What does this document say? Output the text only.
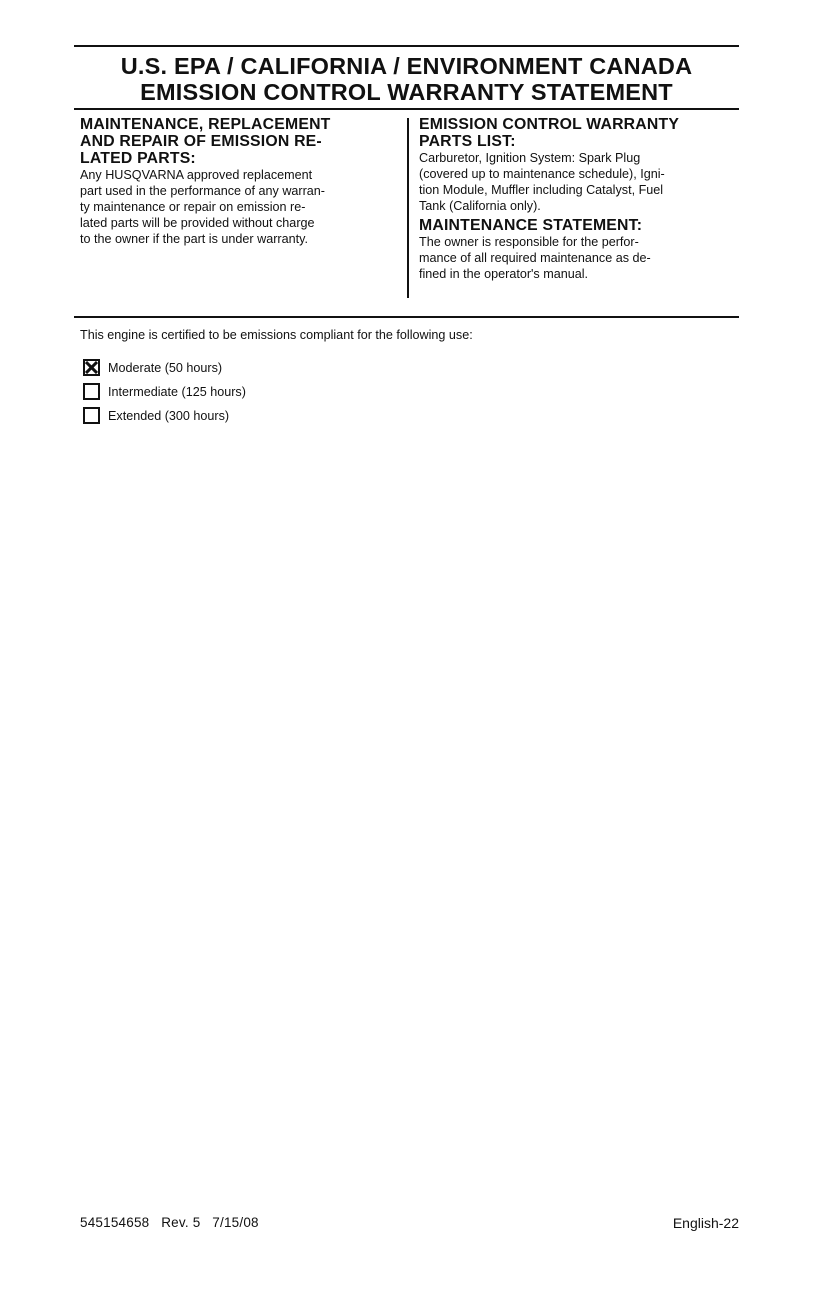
U.S. EPA / CALIFORNIA / ENVIRONMENT CANADA
EMISSION CONTROL WARRANTY STATEMENT
MAINTENANCE, REPLACEMENT
AND REPAIR OF EMISSION RE-
LATED PARTS:
Any HUSQVARNA approved replacement
part used in the performance of any warran-
ty maintenance or repair on emission re-
lated parts will be provided without charge
to the owner if the part is under warranty.
EMISSION CONTROL WARRANTY
PARTS LIST:
Carburetor, Ignition System: Spark Plug
(covered up to maintenance schedule), Igni-
tion Module, Muffler including Catalyst, Fuel
Tank (California only).
MAINTENANCE STATEMENT:
The owner is responsible for the perfor-
mance of all required maintenance as de-
fined in the operator's manual.
This engine is certified to be emissions compliant for the following use:
Moderate (50 hours)
Intermediate (125 hours)
Extended (300 hours)
545154658   Rev. 5   7/15/08	English-22
